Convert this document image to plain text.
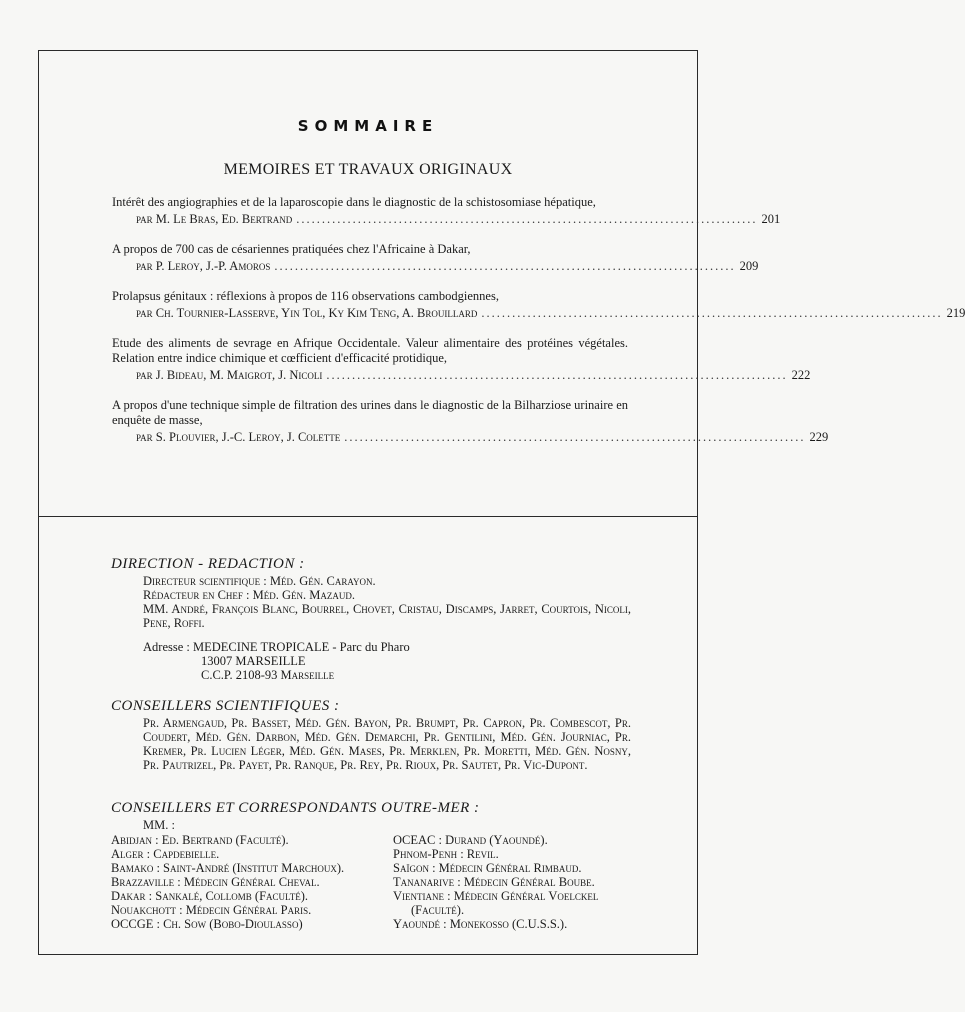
SOMMAIRE
MEMOIRES ET TRAVAUX ORIGINAUX
Intérêt des angiographies et de la laparoscopie dans le diagnostic de la schistosomiase hépatique,
par M. Le Bras, Ed. Bertrand .......................................................................................... 201
A propos de 700 cas de césariennes pratiquées chez l'Africaine à Dakar,
par P. Leroy, J.-P. Amoros .......................................................................................... 209
Prolapsus génitaux : réflexions à propos de 116 observations cambodgiennes,
par Ch. Tournier-Lasserve, Yin Tol, Ky Kim Teng, A. Brouillard .......................................................................................... 219
Etude des aliments de sevrage en Afrique Occidentale. Valeur alimentaire des protéines végétales. Relation entre indice chimique et cœfficient d'efficacité protidique,
par J. Bideau, M. Maigrot, J. Nicoli .......................................................................................... 222
A propos d'une technique simple de filtration des urines dans le diagnostic de la Bilharziose urinaire en enquête de masse,
par S. Plouvier, J.-C. Leroy, J. Colette .......................................................................................... 229
DIRECTION - REDACTION :
Directeur scientifique : Méd. Gén. Carayon.
Rédacteur en Chef : Méd. Gén. Mazaud.
MM. André, François Blanc, Bourrel, Chovet, Cristau, Discamps, Jarret, Courtois, Nicoli, Pene, Roffi.
Adresse : MEDECINE TROPICALE - Parc du Pharo
13007 MARSEILLE
C.C.P. 2108-93 Marseille
CONSEILLERS SCIENTIFIQUES :
Pr. Armengaud, Pr. Basset, Méd. Gén. Bayon, Pr. Brumpt, Pr. Capron, Pr. Combescot, Pr. Coudert, Méd. Gén. Darbon, Méd. Gén. Demarchi, Pr. Gentilini, Méd. Gén. Journiac, Pr. Kremer, Pr. Lucien Léger, Méd. Gén. Mases, Pr. Merklen, Pr. Moretti, Méd. Gén. Nosny, Pr. Pautrizel, Pr. Payet, Pr. Ranque, Pr. Rey, Pr. Rioux, Pr. Sautet, Pr. Vic-Dupont.
CONSEILLERS ET CORRESPONDANTS OUTRE-MER :
MM. :
Abidjan : Ed. Bertrand (Faculté).
Alger : Capdebielle.
Bamako : Saint-André (Institut Marchoux).
Brazzaville : Médecin Général Cheval.
Dakar : Sankalé, Collomb (Faculté).
Nouakchott : Médecin Général Paris.
OCCGE : Ch. Sow (Bobo-Dioulasso)
OCEAC : Durand (Yaoundé).
Phnom-Penh : Revil.
Saïgon : Médecin Général Rimbaud.
Tananarive : Médecin Général Boube.
Vientiane : Médecin Général Voelckel
(Faculté).
Yaoundé : Monekosso (C.U.S.S.).
